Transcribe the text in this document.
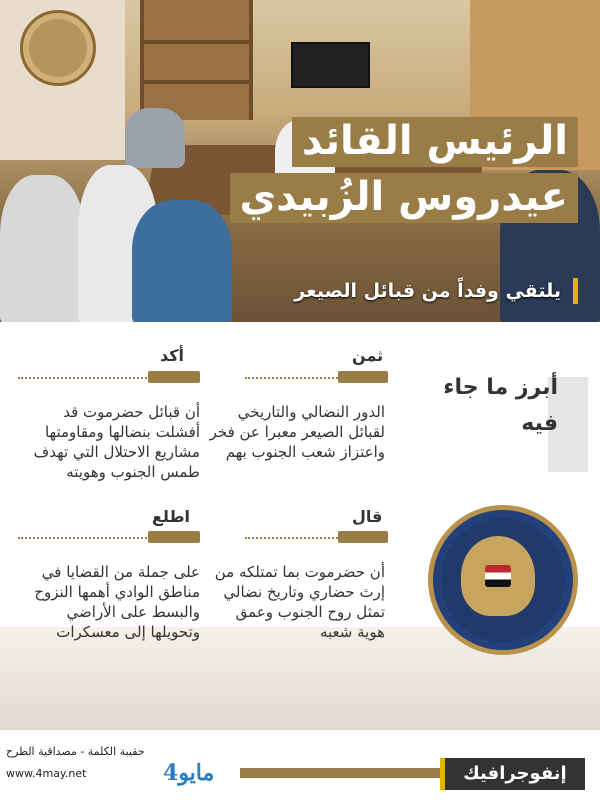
الرئيس القائد
عيدروس الزُبيدي
يلتقي وفداً من قبائل الصيعر
أبرز ما جاء فيه
ثمن
الدور النضالي والتاريخي لقبائل الصيعر معبرا عن فخر واعتزاز شعب الجنوب بهم
أكد
أن قبائل حضرموت قد أفشلت بنضالها ومقاومتها مشاريع الاحتلال التي تهدف طمس الجنوب وهويته
قال
أن حضرموت بما تمتلكه من إرث حضاري وتاريخ نضالي تمثل روح الجنوب وعمق هوية شعبه
اطلع
على جملة من القضايا في مناطق الوادي أهمها النزوح والبسط على الأراضي وتحويلها إلى معسكرات
إنفوجرافيك
4مايو
حقيبة الكلمة - مصداقية الطرح
www.4may.net
